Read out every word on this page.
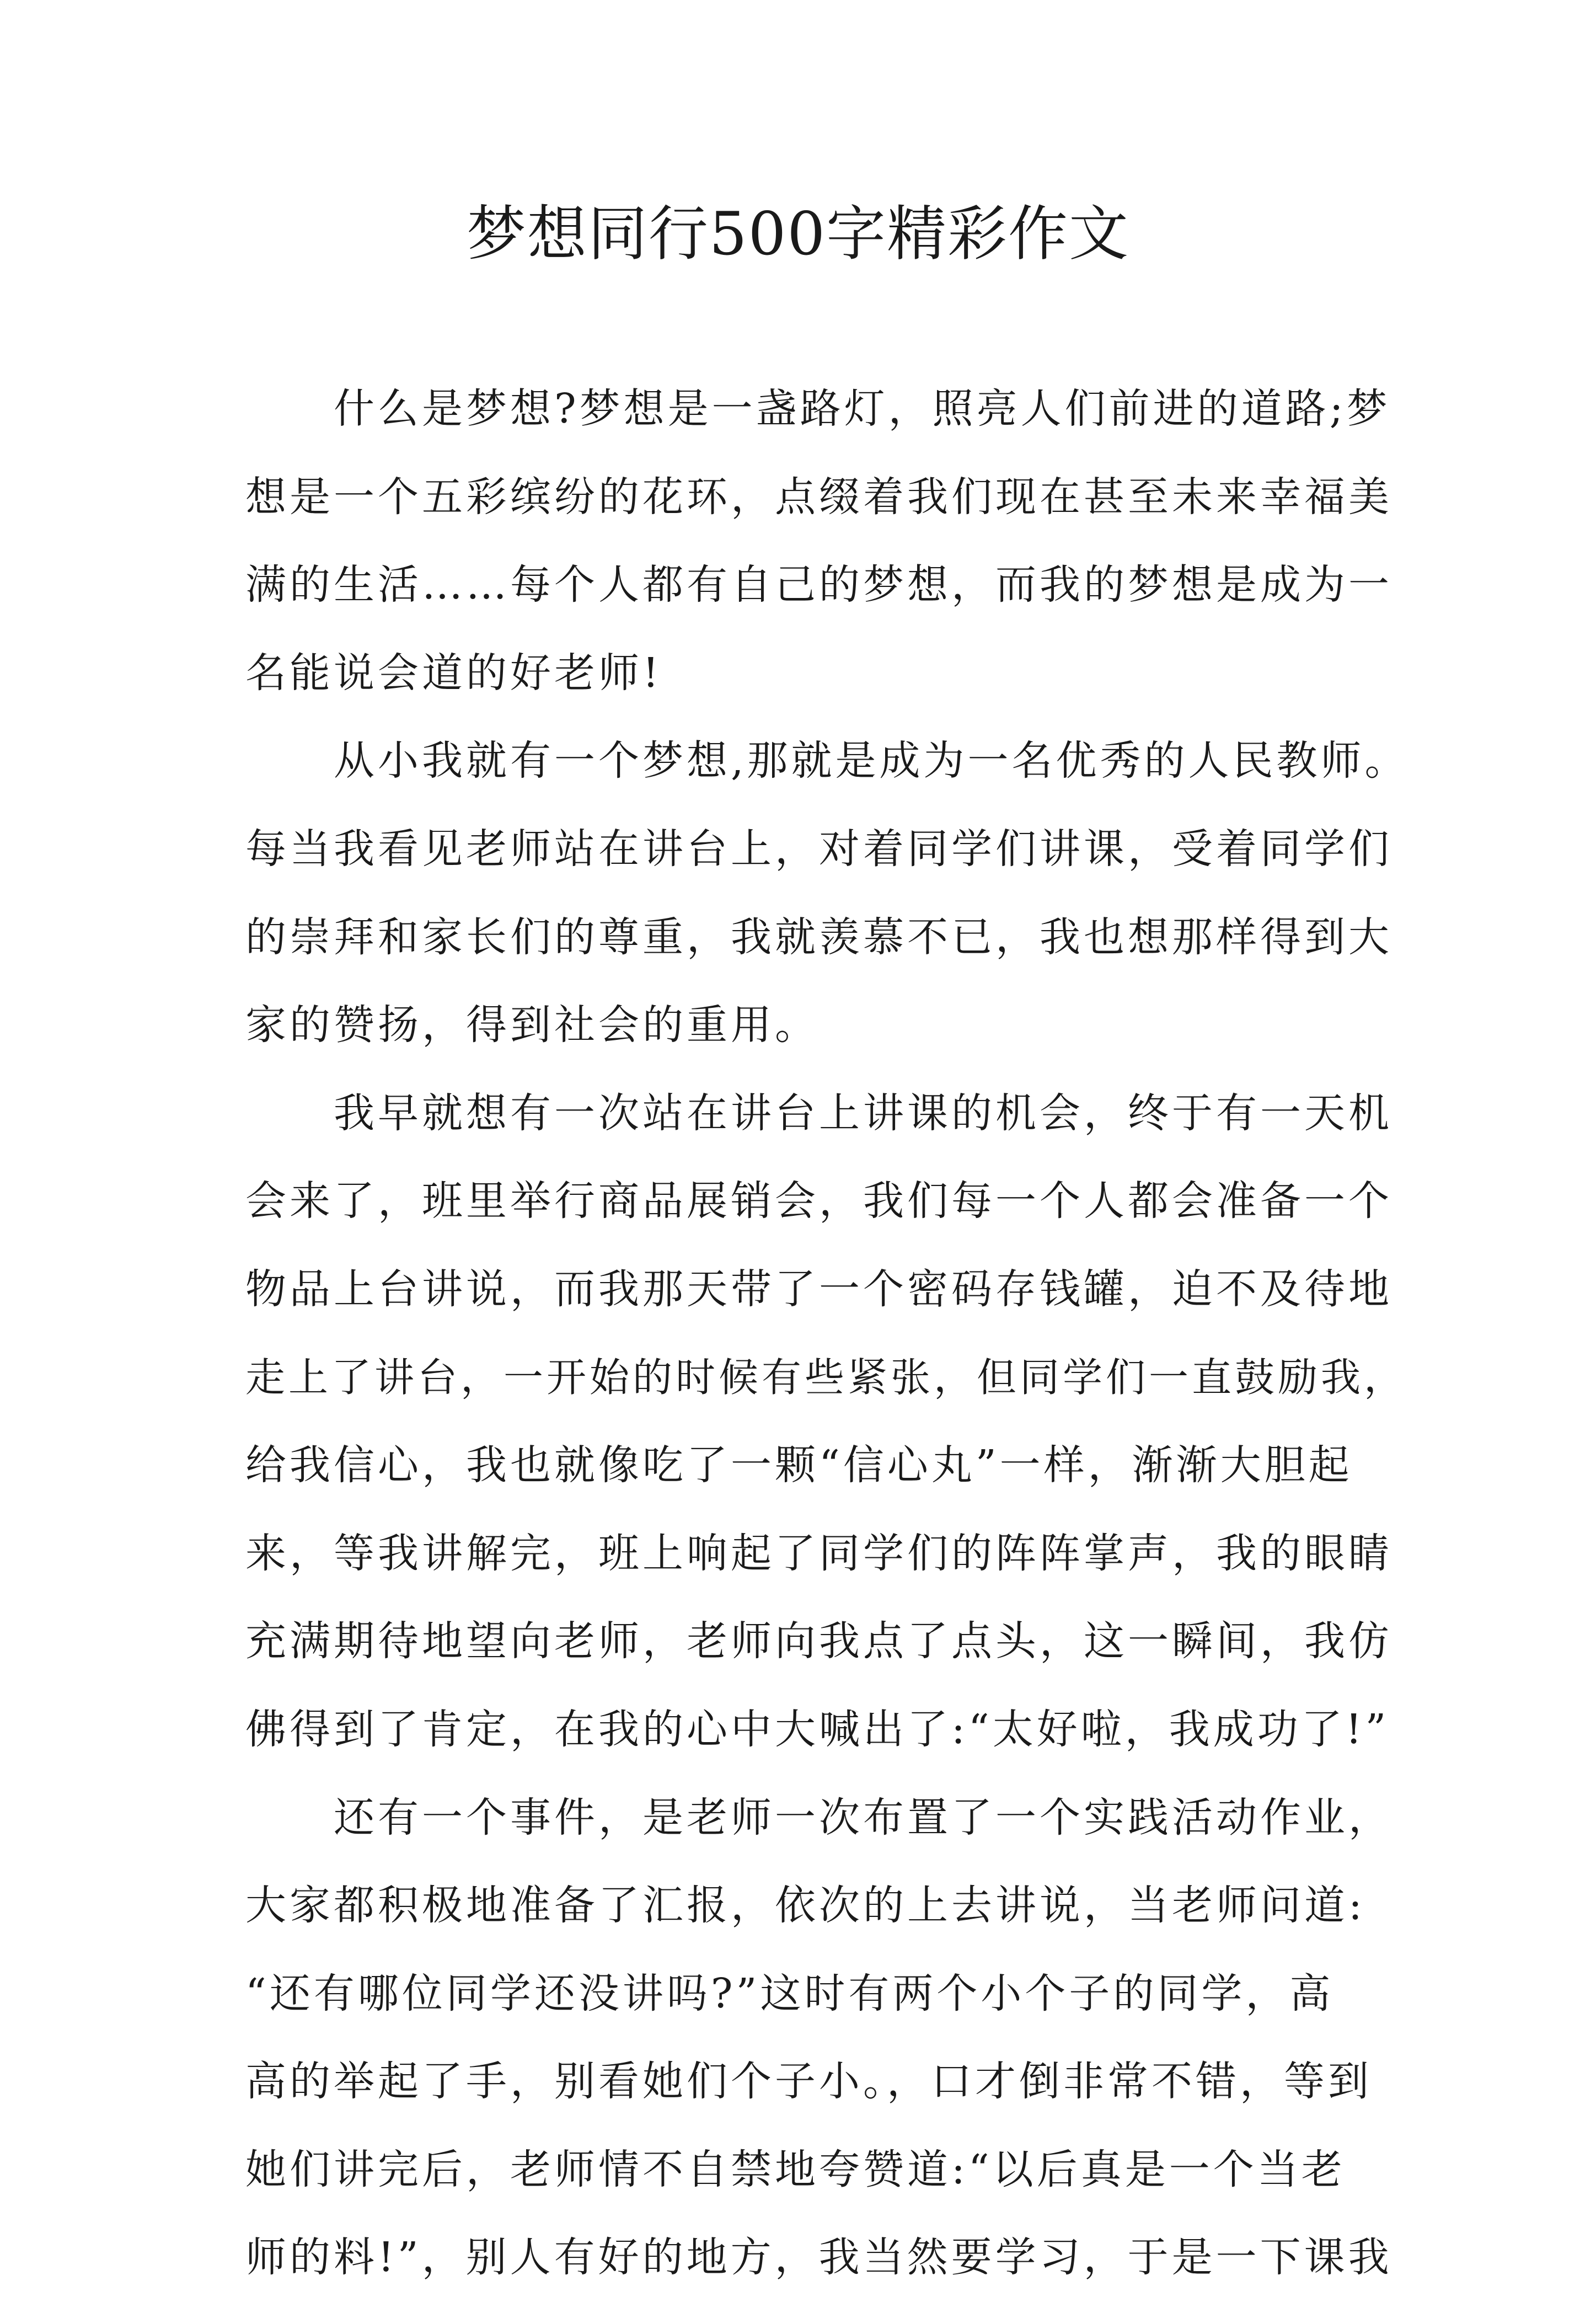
梦想同行500字精彩作文
什么是梦想?梦想是一盏路灯，照亮人们前进的道路;梦
想是一个五彩缤纷的花环，点缀着我们现在甚至未来幸福美
满的生活……每个人都有自己的梦想，而我的梦想是成为一
名能说会道的好老师!
从小我就有一个梦想,那就是成为一名优秀的人民教师。
每当我看见老师站在讲台上，对着同学们讲课，受着同学们
的崇拜和家长们的尊重，我就羡慕不已，我也想那样得到大
家的赞扬，得到社会的重用。
我早就想有一次站在讲台上讲课的机会，终于有一天机
会来了，班里举行商品展销会，我们每一个人都会准备一个
物品上台讲说，而我那天带了一个密码存钱罐，迫不及待地
走上了讲台，一开始的时候有些紧张，但同学们一直鼓励我，
给我信心，我也就像吃了一颗“信心丸”一样，渐渐大胆起
来，等我讲解完，班上响起了同学们的阵阵掌声，我的眼睛
充满期待地望向老师，老师向我点了点头，这一瞬间，我仿
佛得到了肯定，在我的心中大喊出了:“太好啦，我成功了!”
还有一个事件，是老师一次布置了一个实践活动作业，
大家都积极地准备了汇报，依次的上去讲说，当老师问道:
“还有哪位同学还没讲吗?”这时有两个小个子的同学，高
高的举起了手，别看她们个子小。，口才倒非常不错，等到
她们讲完后，老师情不自禁地夸赞道:“以后真是一个当老
师的料!”，别人有好的地方，我当然要学习，于是一下课我
